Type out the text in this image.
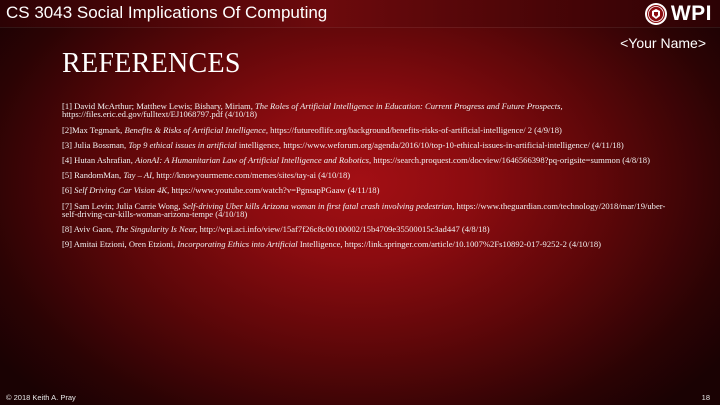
CS 3043 Social Implications Of Computing	WPI
<Your Name>
REFERENCES
[1] David McArthur; Matthew Lewis; Bishary, Miriam, The Roles of Artificial Intelligence in Education: Current Progress and Future Prospects, https://files.eric.ed.gov/fulltext/EJ1068797.pdf (4/10/18)
[2]Max Tegmark, Benefits & Risks of Artificial Intelligence, https://futureoflife.org/background/benefits-risks-of-artificial-intelligence/ 2 (4/9/18)
[3] Julia Bossman, Top 9 ethical issues in artificial intelligence, https://www.weforum.org/agenda/2016/10/top-10-ethical-issues-in-artificial-intelligence/ (4/11/18)
[4] Hutan Ashrafian, AionAI: A Humanitarian Law of Artificial Intelligence and Robotics, https://search.proquest.com/docview/1646566398?pq-origsite=summon (4/8/18)
[5] RandomMan, Tay – AI, http://knowyourmeme.com/memes/sites/tay-ai (4/10/18)
[6] Self Driving Car Vision 4K, https://www.youtube.com/watch?v=PgnsapPGaaw (4/11/18)
[7] Sam Levin; Julia Carrie Wong, Self-driving Uber kills Arizona woman in first fatal crash involving pedestrian, https://www.theguardian.com/technology/2018/mar/19/uber-self-driving-car-kills-woman-arizona-tempe (4/10/18)
[8] Aviv Gaon, The Singularity Is Near, http://wpi.aci.info/view/15af7f26c8c00100002/15b4709e35500015c3ad447 (4/8/18)
[9] Amitai Etzioni, Oren Etzioni, Incorporating Ethics into Artificial Intelligence, https://link.springer.com/article/10.1007%2Fs10892-017-9252-2 (4/10/18)
© 2018 Keith A. Pray	18
